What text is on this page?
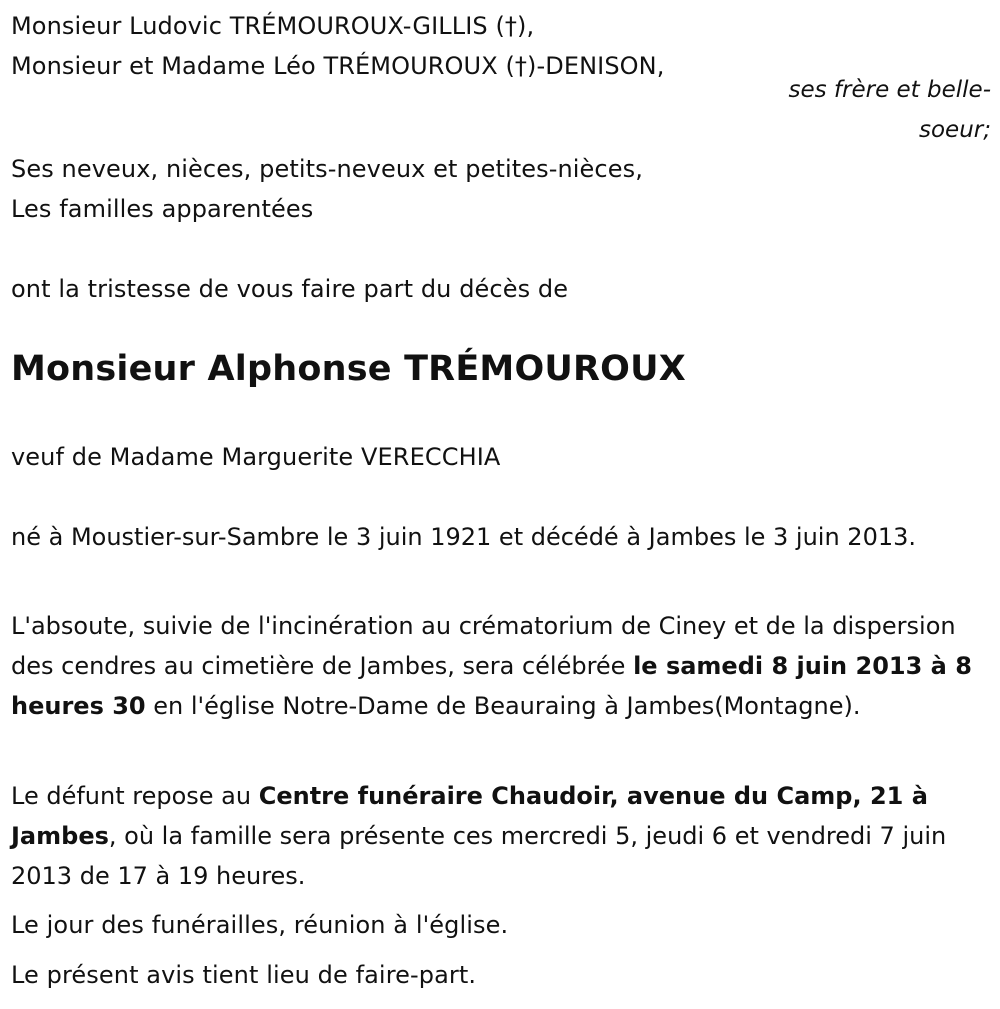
Monsieur Ludovic TRÉMOUROUX-GILLIS (†),
Monsieur et Madame Léo TRÉMOUROUX (†)-DENISON,
ses frère et belle-
soeur;
Ses neveux, nièces, petits-neveux et petites-nièces,
Les familles apparentées
ont la tristesse de vous faire part du décès de
Monsieur Alphonse TRÉMOUROUX
veuf de Madame Marguerite VERECCHIA
né à Moustier-sur-Sambre le 3 juin 1921 et décédé à Jambes le 3 juin 2013.
L'absoute, suivie de l'incinération au crématorium de Ciney et de la dispersion des cendres au cimetière de Jambes, sera célébrée le samedi 8 juin 2013 à 8 heures 30 en l'église Notre-Dame de Beauraing à Jambes(Montagne).
Le défunt repose au Centre funéraire Chaudoir, avenue du Camp, 21 à Jambes, où la famille sera présente ces mercredi 5, jeudi 6 et vendredi 7 juin 2013 de 17 à 19 heures.
Le jour des funérailles, réunion à l'église.
Le présent avis tient lieu de faire-part.
